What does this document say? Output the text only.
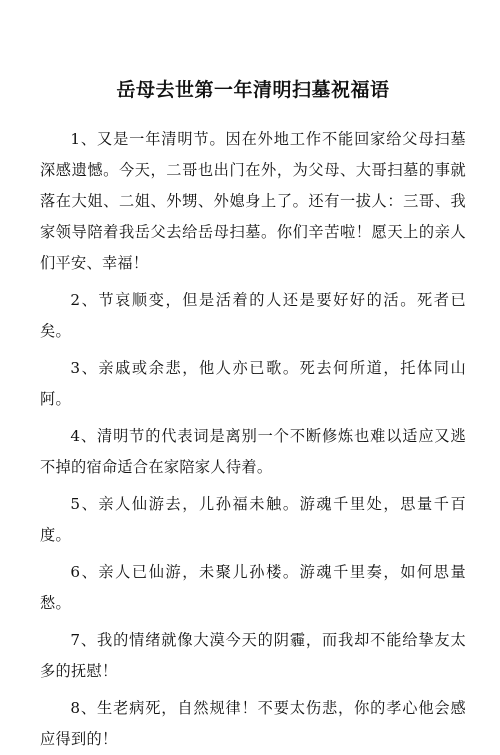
岳母去世第一年清明扫墓祝福语

1、又是一年清明节。因在外地工作不能回家给父母扫墓深感遗憾。今天，二哥也出门在外，为父母、大哥扫墓的事就落在大姐、二姐、外甥、外媳身上了。还有一拔人：三哥、我家领导陪着我岳父去给岳母扫墓。你们辛苦啦！愿天上的亲人们平安、幸福！

2、节哀顺变，但是活着的人还是要好好的活。死者已矣。

3、亲戚或余悲，他人亦已歌。死去何所道，托体同山阿。

4、清明节的代表词是离别一个不断修炼也难以适应又逃不掉的宿命适合在家陪家人待着。

5、亲人仙游去，儿孙福未触。游魂千里处，思量千百度。

6、亲人已仙游，未聚儿孙楼。游魂千里奏，如何思量愁。

7、我的情绪就像大漠今天的阴霾，而我却不能给挚友太多的抚慰！

8、生老病死，自然规律！不要太伤悲，你的孝心他会感应得到的！
